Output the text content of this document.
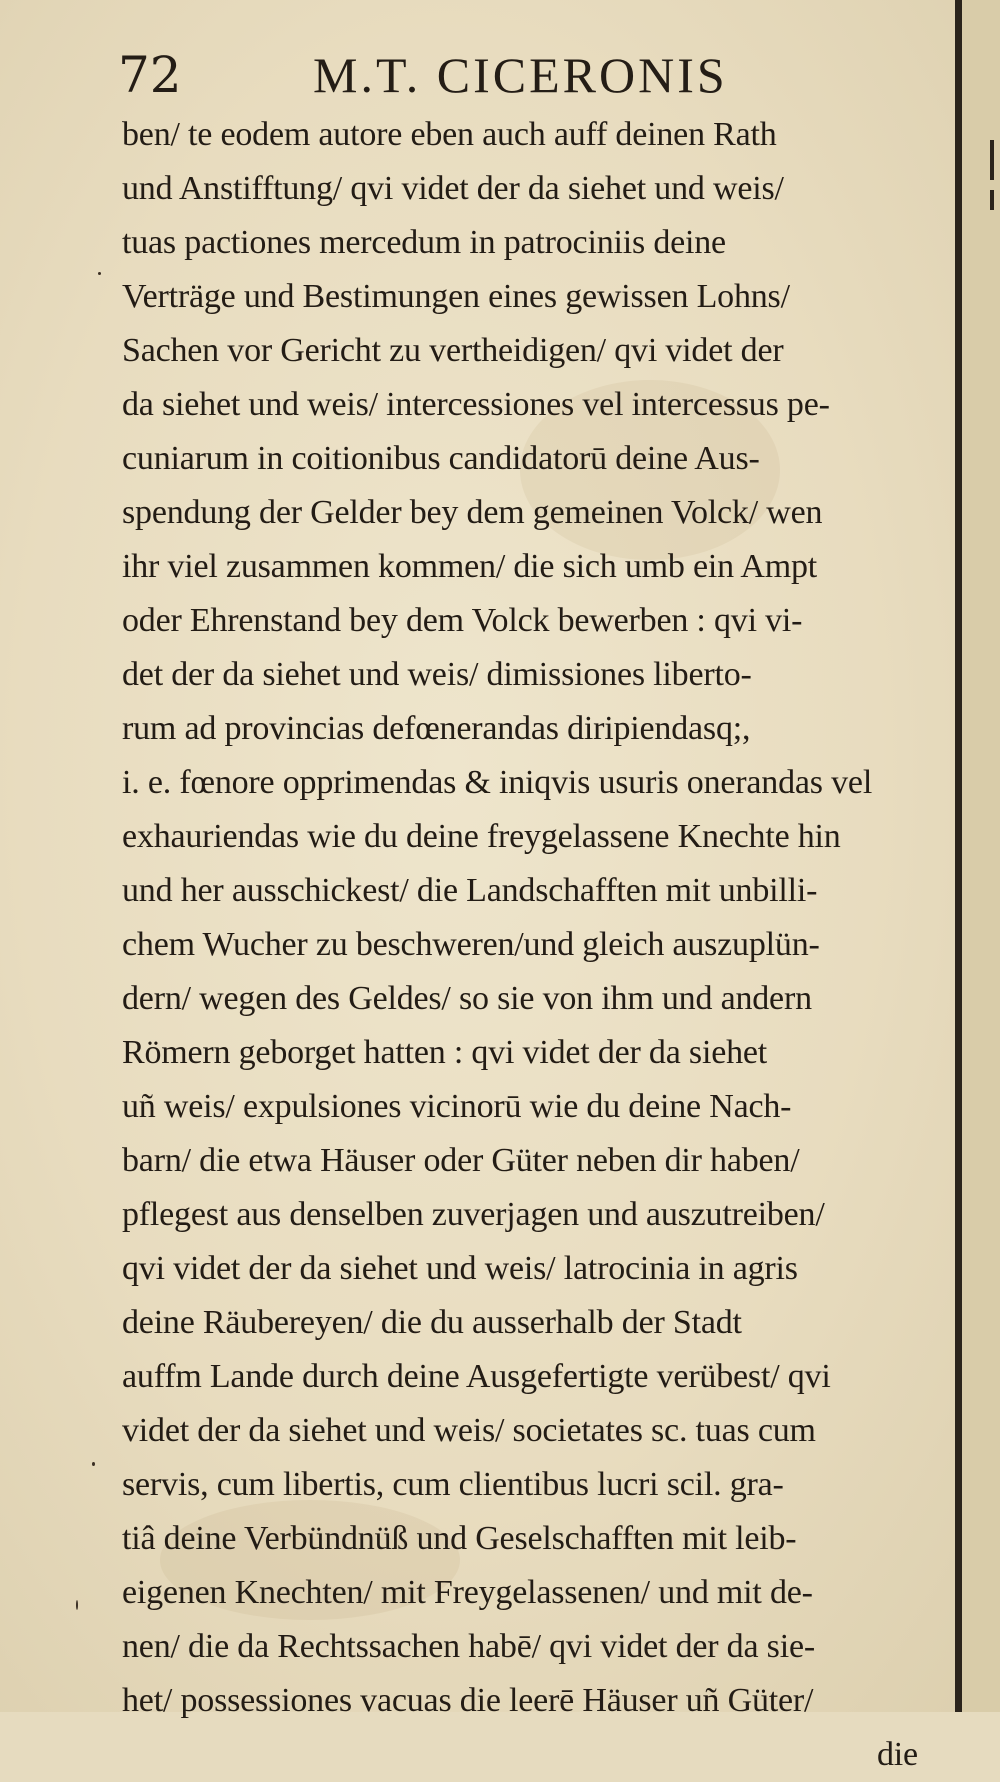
72	M.T. CICERONIS
ben/ te eodem autore eben auch auff deinen Rath
und Anstifftung/ qvi videt der da siehet und weis/
tuas pactiones mercedum in patrociniis deine
Verträge und Bestimungen eines gewissen Lohns/
Sachen vor Gericht zu vertheidigen/ qvi videt der
da siehet und weis/ intercessiones vel intercessus pe-
cuniarum in coitionibus candidatorū deine Aus-
spendung der Gelder bey dem gemeinen Volck/ wen
ihr viel zusammen kommen/ die sich umb ein Ampt
oder Ehrenstand bey dem Volck bewerben : qvi vi-
det der da siehet und weis/ dimissiones liberto-
rum ad provincias defœnerandas diripiendasq;,
i. e. fœnore opprimendas & iniqvis usuris onerandas vel
exhauriendas wie du deine freygelassene Knechte hin
und her ausschickest/ die Landschafften mit unbilli-
chem Wucher zu beschweren/und gleich auszuplün-
dern/ wegen des Geldes/ so sie von ihm und andern
Römern geborget hatten : qvi videt der da siehet
uñ weis/ expulsiones vicinorū wie du deine Nach-
barn/ die etwa Häuser oder Güter neben dir haben/
pflegest aus denselben zuverjagen und auszutreiben/
qvi videt der da siehet und weis/ latrocinia in agris
deine Räubereyen/ die du ausserhalb der Stadt
auffm Lande durch deine Ausgefertigte verübest/ qvi
videt der da siehet und weis/ societates sc. tuas cum
servis, cum libertis, cum clientibus lucri scil. gra-
tiâ deine Verbündnüß und Geselschafften mit leib-
eigenen Knechten/ mit Freygelassenen/ und mit de-
nen/ die da Rechtssachen habē/ qvi videt der da sie-
het/ possessiones vacuas die leerē Häuser uñ Güter/
die
